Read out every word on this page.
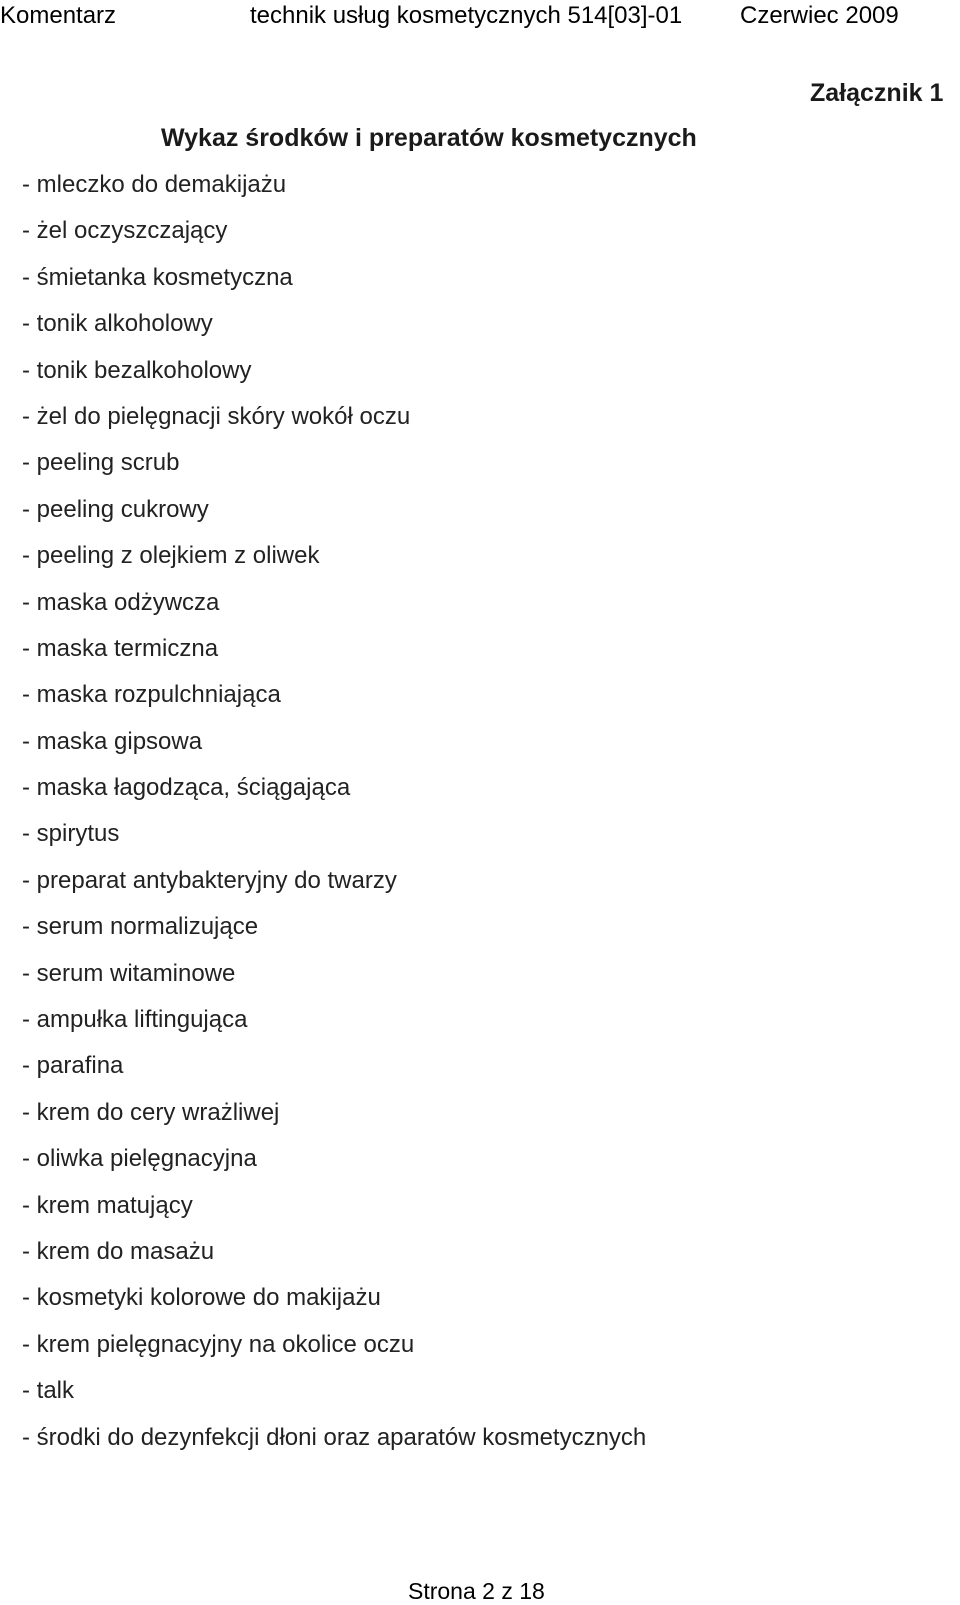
Komentarz	technik usług kosmetycznych 514[03]-01 Czerwiec 2009
Załącznik 1
Wykaz środków i preparatów kosmetycznych
- mleczko do demakijażu
- żel oczyszczający
- śmietanka kosmetyczna
- tonik alkoholowy
- tonik bezalkoholowy
- żel do pielęgnacji skóry wokół oczu
- peeling scrub
- peeling cukrowy
- peeling z olejkiem z oliwek
- maska odżywcza
- maska termiczna
- maska rozpulchniająca
- maska gipsowa
- maska łagodząca, ściągająca
- spirytus
- preparat antybakteryjny do twarzy
- serum normalizujące
- serum witaminowe
- ampułka liftingująca
- parafina
- krem do cery wrażliwej
- oliwka pielęgnacyjna
- krem matujący
- krem do masażu
- kosmetyki kolorowe do makijażu
- krem pielęgnacyjny na okolice oczu
- talk
- środki do dezynfekcji dłoni oraz aparatów kosmetycznych
Strona 2 z 18
